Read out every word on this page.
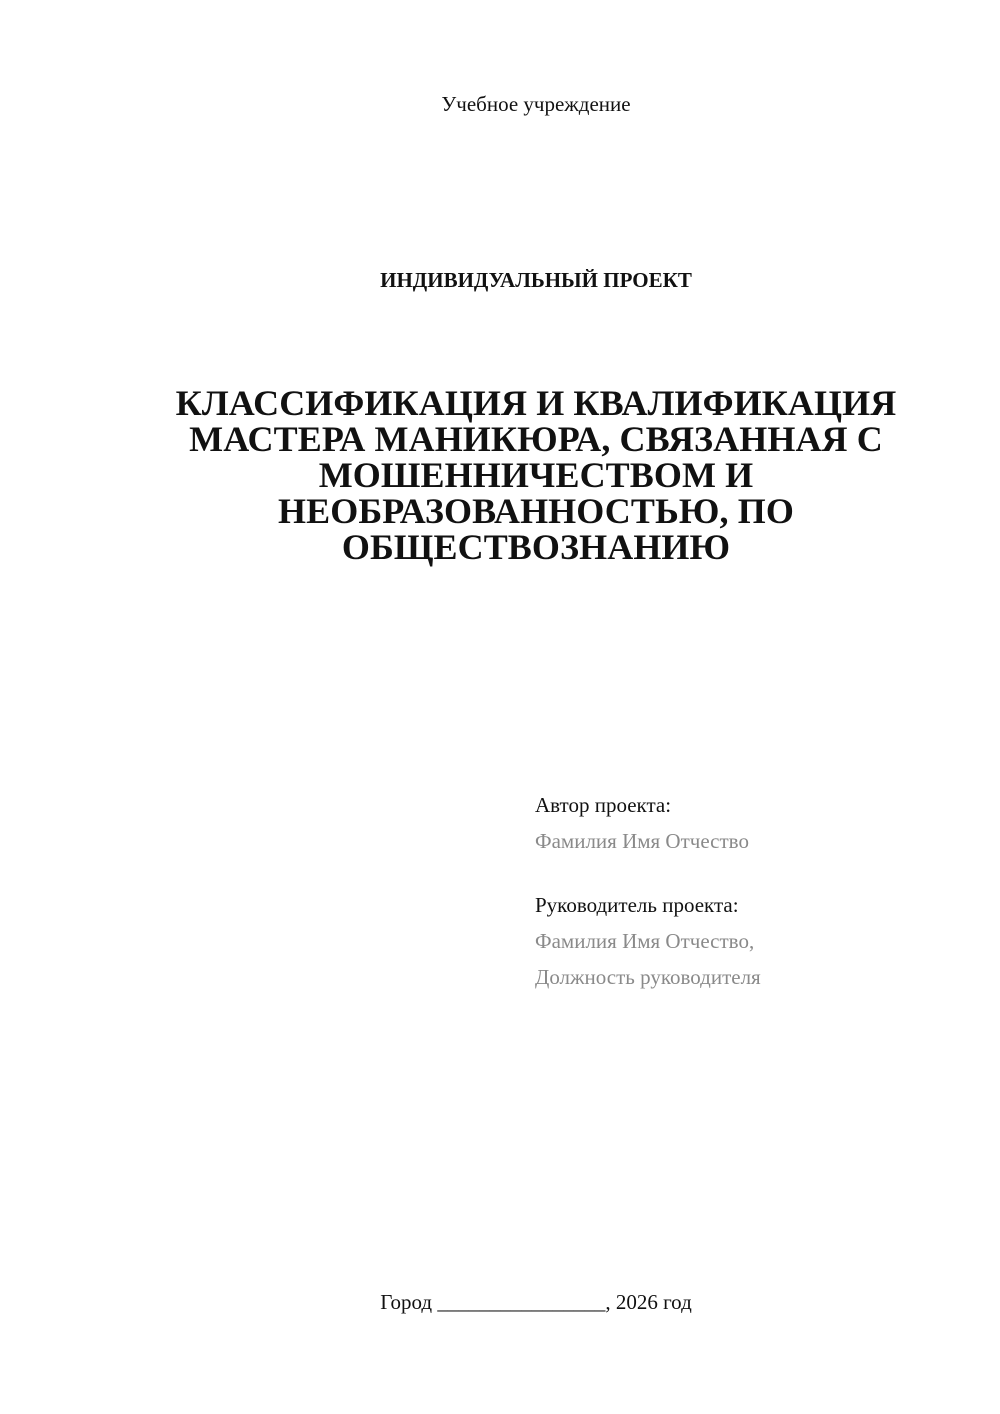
Учебное учреждение
ИНДИВИДУАЛЬНЫЙ ПРОЕКТ
КЛАССИФИКАЦИЯ И КВАЛИФИКАЦИЯ
МАСТЕРА МАНИКЮРА, СВЯЗАННАЯ С
МОШЕННИЧЕСТВОМ И
НЕОБРАЗОВАННОСТЬЮ, ПО
ОБЩЕСТВОЗНАНИЮ
Автор проекта:
Фамилия Имя Отчество
Руководитель проекта:
Фамилия Имя Отчество,
Должность руководителя
Город ________________, 2026 год
